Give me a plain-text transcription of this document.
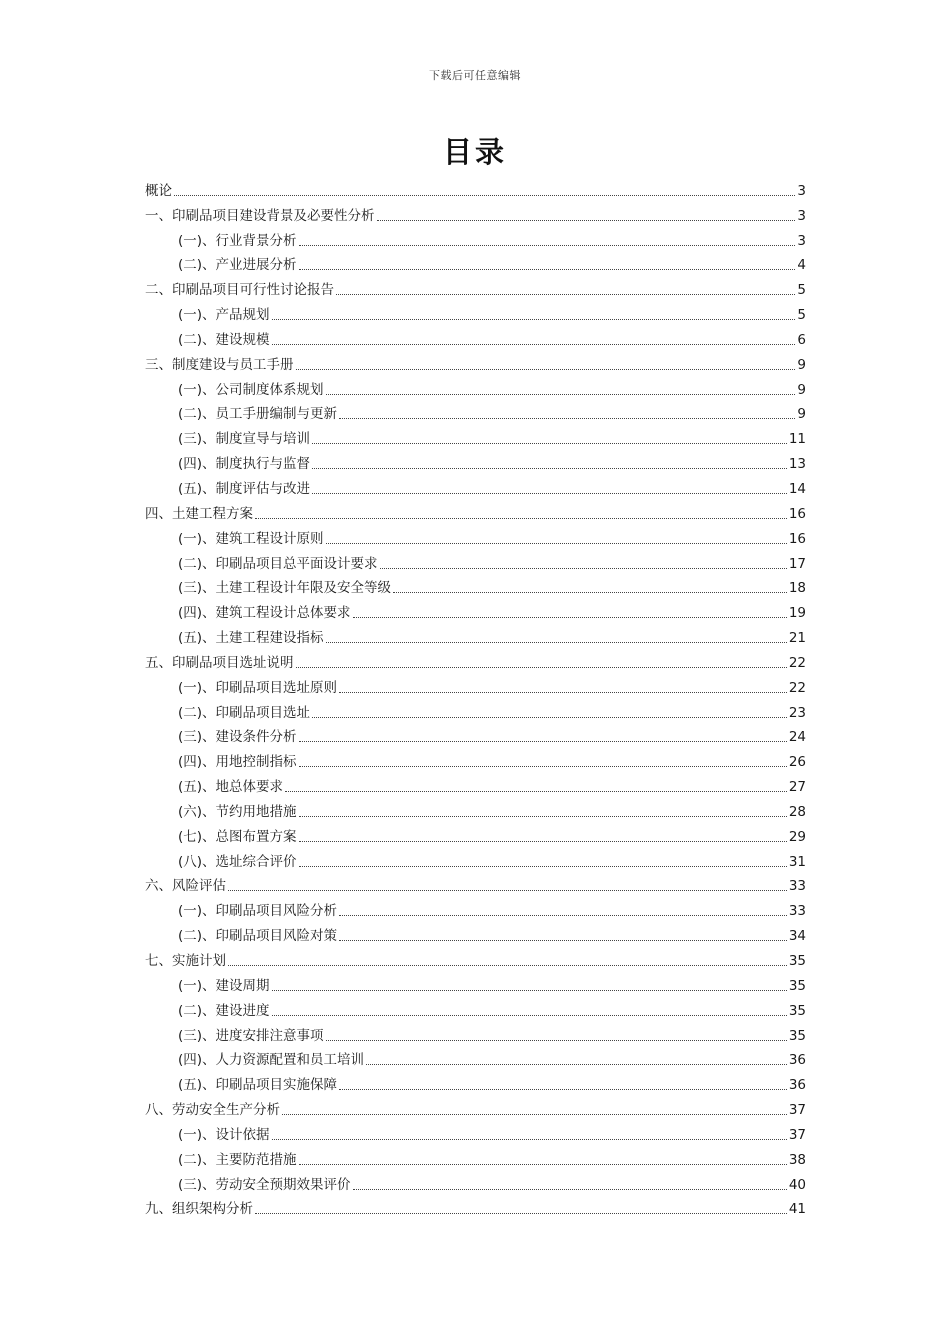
下载后可任意编辑
目录
概论	3
一、印刷品项目建设背景及必要性分析	3
(一)、行业背景分析	3
(二)、产业进展分析	4
二、印刷品项目可行性讨论报告	5
(一)、产品规划	5
(二)、建设规模	6
三、制度建设与员工手册	9
(一)、公司制度体系规划	9
(二)、员工手册编制与更新	9
(三)、制度宣导与培训	11
(四)、制度执行与监督	13
(五)、制度评估与改进	14
四、土建工程方案	16
(一)、建筑工程设计原则	16
(二)、印刷品项目总平面设计要求	17
(三)、土建工程设计年限及安全等级	18
(四)、建筑工程设计总体要求	19
(五)、土建工程建设指标	21
五、印刷品项目选址说明	22
(一)、印刷品项目选址原则	22
(二)、印刷品项目选址	23
(三)、建设条件分析	24
(四)、用地控制指标	26
(五)、地总体要求	27
(六)、节约用地措施	28
(七)、总图布置方案	29
(八)、选址综合评价	31
六、风险评估	33
(一)、印刷品项目风险分析	33
(二)、印刷品项目风险对策	34
七、实施计划	35
(一)、建设周期	35
(二)、建设进度	35
(三)、进度安排注意事项	35
(四)、人力资源配置和员工培训	36
(五)、印刷品项目实施保障	36
八、劳动安全生产分析	37
(一)、设计依据	37
(二)、主要防范措施	38
(三)、劳动安全预期效果评价	40
九、组织架构分析	41
